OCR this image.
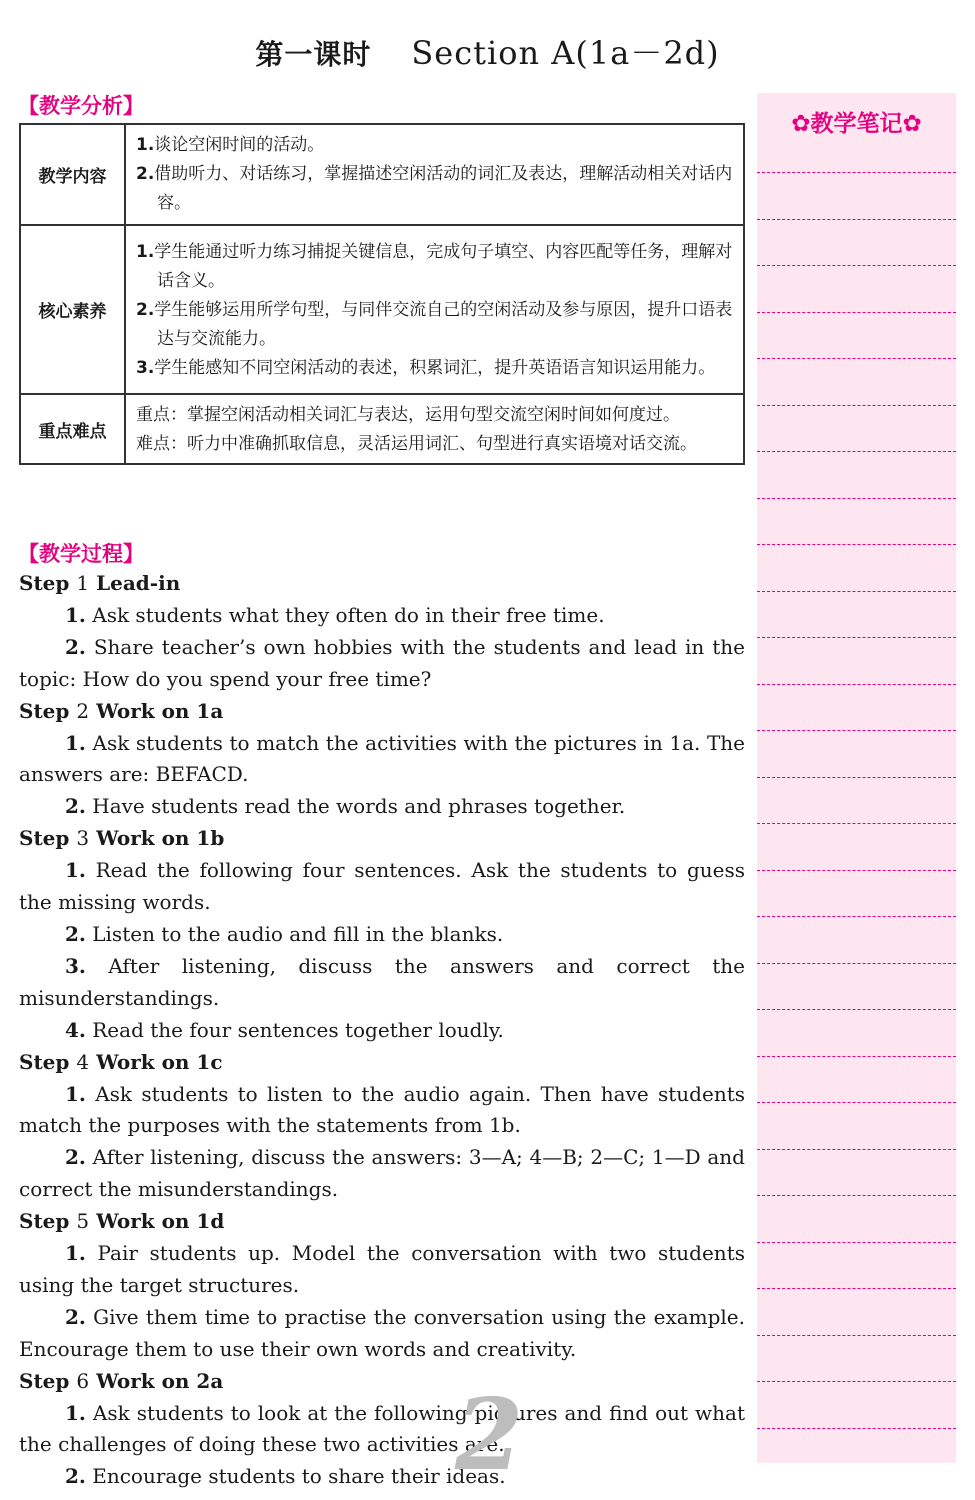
第一课时 Section A(1a－2d)
【教学分析】
教学内容	1.谈论空闲时间的活动。
2.借助听力、对话练习，掌握描述空闲活动的词汇及表达，理解活动相关对话内容。

核心素养	1.学生能通过听力练习捕捉关键信息，完成句子填空、内容匹配等任务，理解对话含义。
2.学生能够运用所学句型，与同伴交流自己的空闲活动及参与原因，提升口语表达与交流能力。
3.学生能感知不同空闲活动的表述，积累词汇，提升英语语言知识运用能力。

重点难点	重点：掌握空闲活动相关词汇与表达，运用句型交流空闲时间如何度过。
难点：听力中准确抓取信息，灵活运用词汇、句型进行真实语境对话交流。
【教学过程】
Step 1 Lead-in
1. Ask students what they often do in their free time.
2. Share teacher’s own hobbies with the students and lead in the topic: How do you spend your free time?
Step 2 Work on 1a
1. Ask students to match the activities with the pictures in 1a. The answers are: BEFACD.
2. Have students read the words and phrases together.
Step 3 Work on 1b
1. Read the following four sentences. Ask the students to guess the missing words.
2. Listen to the audio and fill in the blanks.
3. After listening, discuss the answers and correct the misunderstandings.
4. Read the four sentences together loudly.
Step 4 Work on 1c
1. Ask students to listen to the audio again. Then have students match the purposes with the statements from 1b.
2. After listening, discuss the answers: 3—A; 4—B; 2—C; 1—D and correct the misunderstandings.
Step 5 Work on 1d
1. Pair students up. Model the conversation with two students using the target structures.
2. Give them time to practise the conversation using the example. Encourage them to use their own words and creativity.
Step 6 Work on 2a
1. Ask students to look at the following pictures and find out what the challenges of doing these two activities are.
2. Encourage students to share their ideas.
✿教学笔记✿
2
